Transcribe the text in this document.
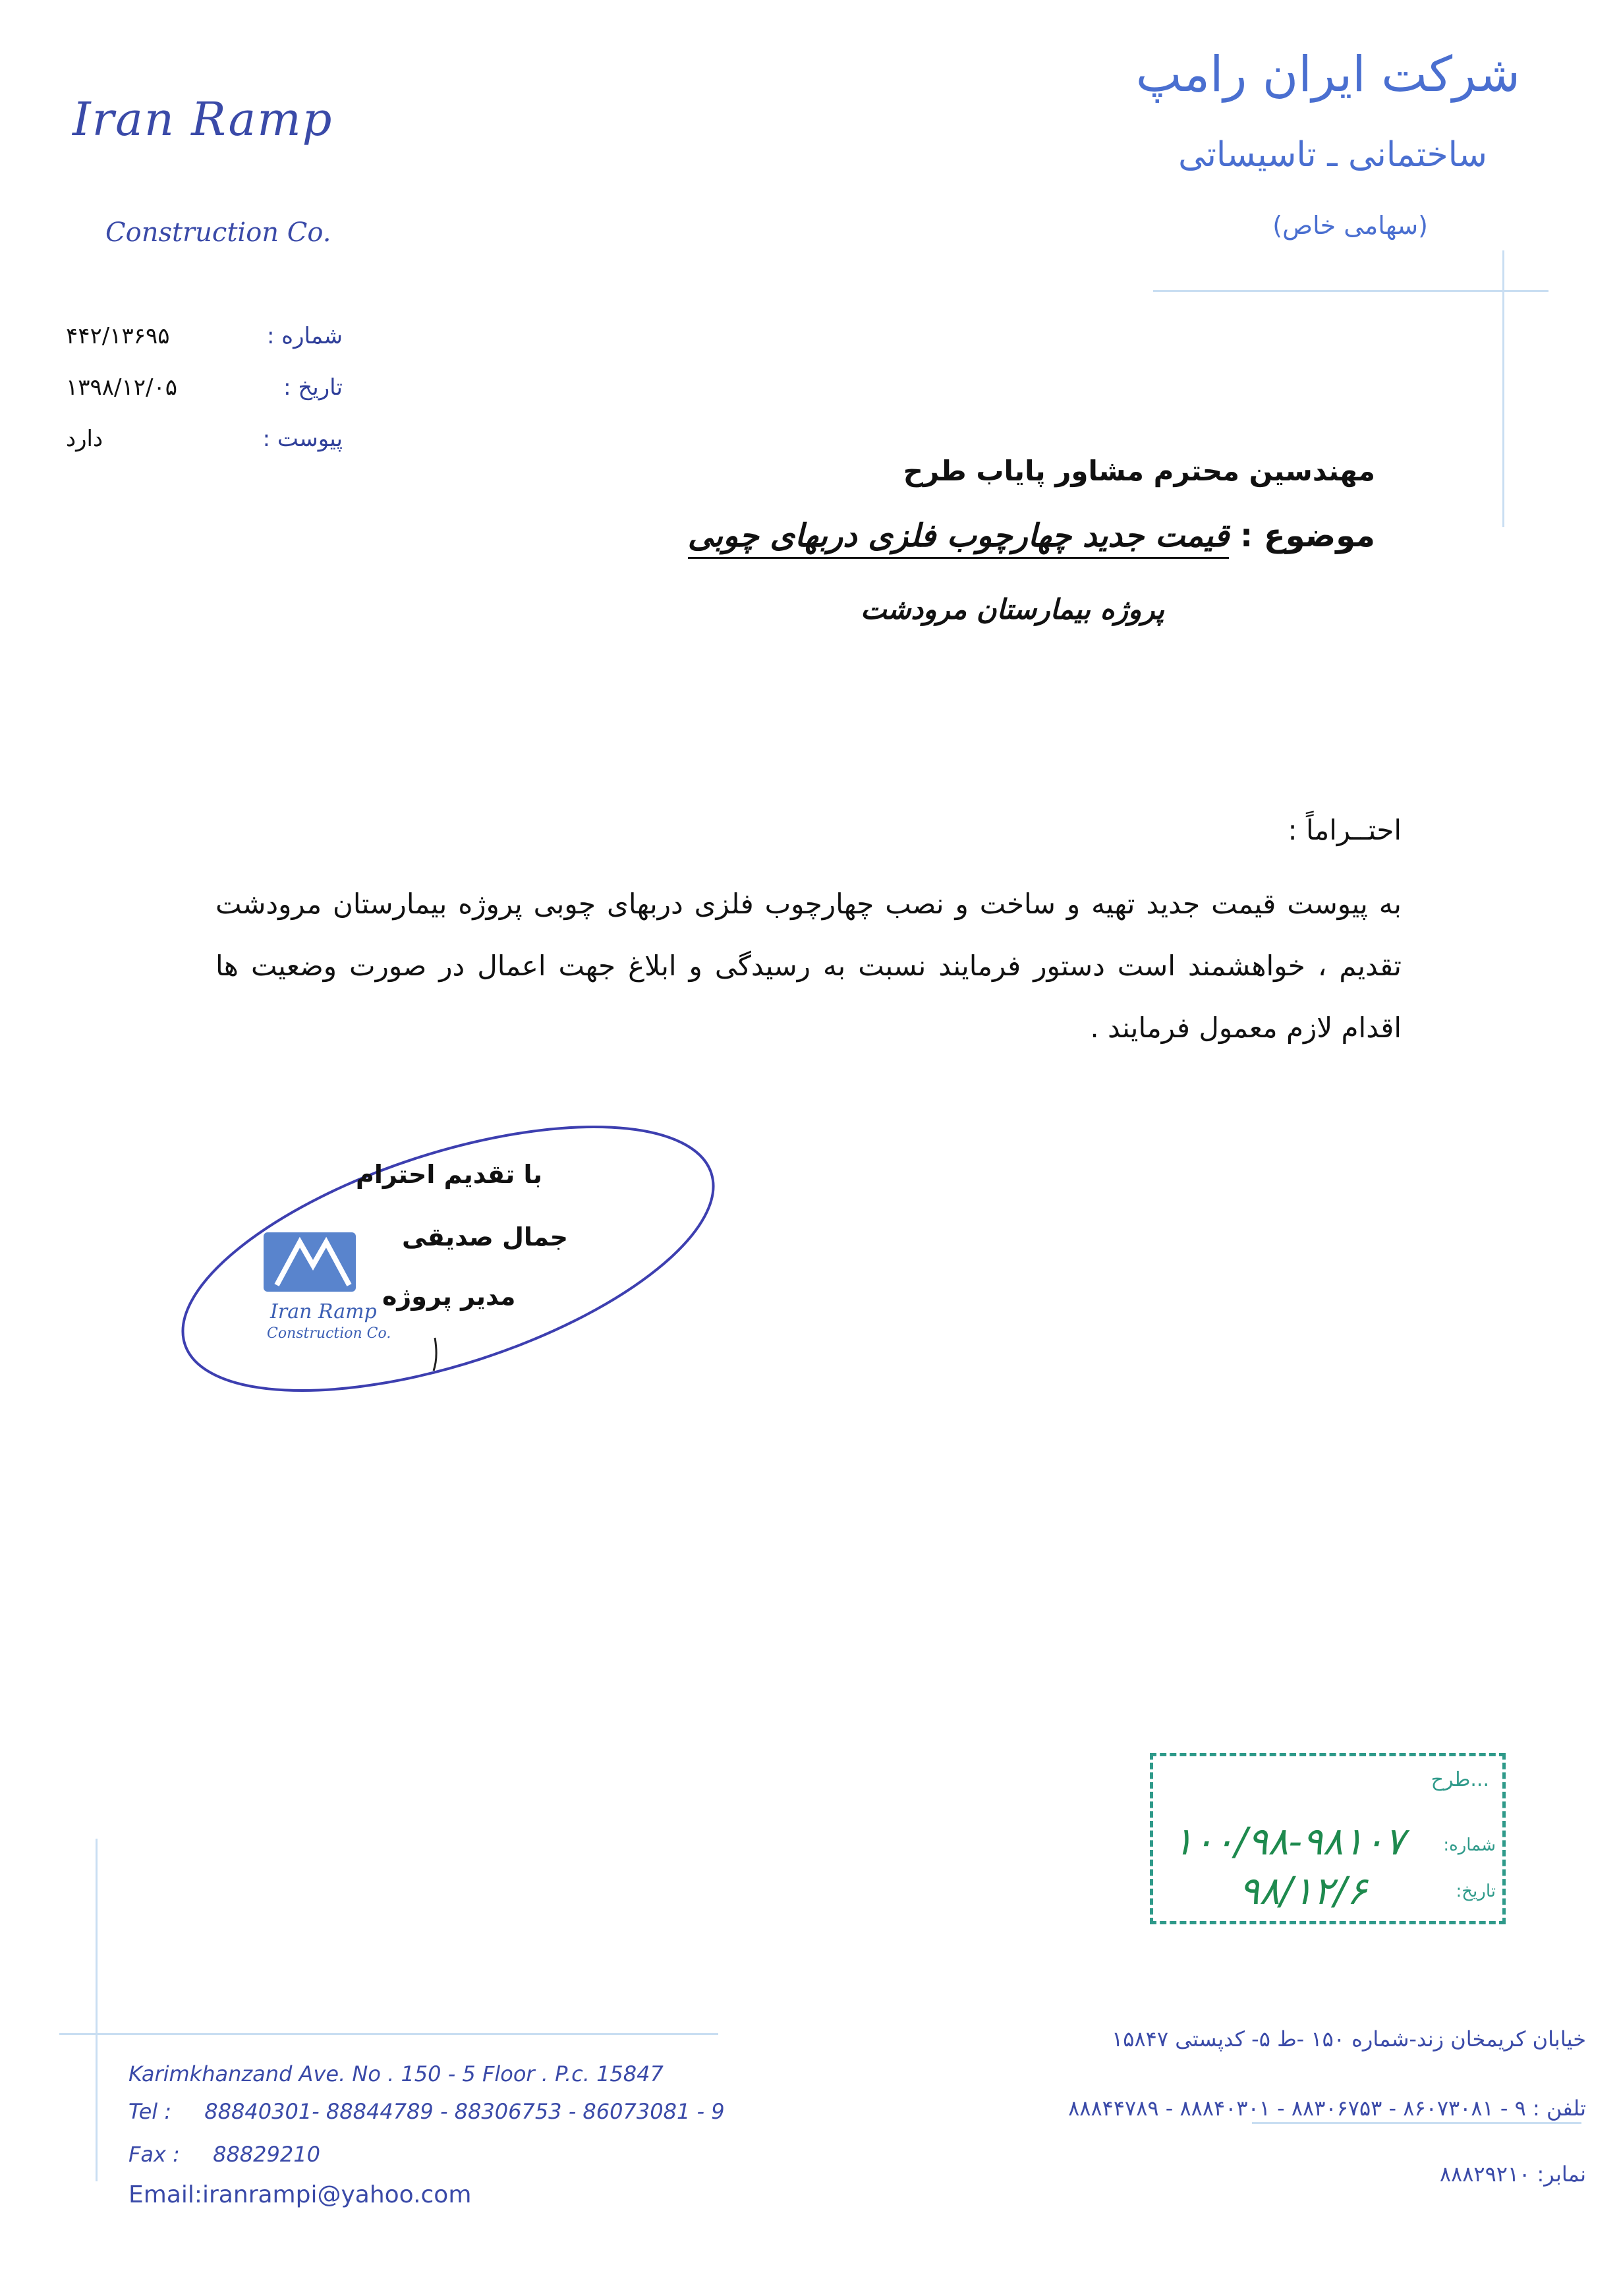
Iran Ramp
Construction Co.
شرکت ایران رامپ
ساختمانی ـ تاسیساتی
(سهامی خاص)
شماره :
۴۴۲/۱۳۶۹۵
تاریخ :
۱۳۹۸/۱۲/۰۵
پیوست :
دارد
مهندسین محترم مشاور پایاب طرح
موضوع : قیمت جدید چهارچوب فلزی دربهای چوبی
پروژه بیمارستان مرودشت
احتــراماً :
به پیوست قیمت جدید تهیه و ساخت و نصب چهارچوب فلزی دربهای چوبی پروژه بیمارستان مرودشت تقدیم ، خواهشمند است دستور فرمایند نسبت به رسیدگی و ابلاغ جهت اعمال در صورت وضعیت ها اقدام لازم معمول فرمایند .
Iran Ramp
Construction Co.
با تقدیم احترام
جمال صدیقی
مدیر پروژه
...طرح
شماره:
تاریخ:
۱۰۰/۹۸-۹۸۱۰۷
۹۸/۱۲/۶
Karimkhanzand Ave. No . 150 - 5 Floor . P.c. 15847
Tel : 88840301- 88844789 - 88306753 - 86073081 - 9
Fax : 88829210
Email:iranrampi@yahoo.com
خیابان کریمخان زند-شماره ۱۵۰ -ط ۵- کدپستی ۱۵۸۴۷
تلفن : ۹ - ۸۶۰۷۳۰۸۱ - ۸۸۳۰۶۷۵۳ - ۸۸۸۴۰۳۰۱ - ۸۸۸۴۴۷۸۹
نمابر: ۸۸۸۲۹۲۱۰
